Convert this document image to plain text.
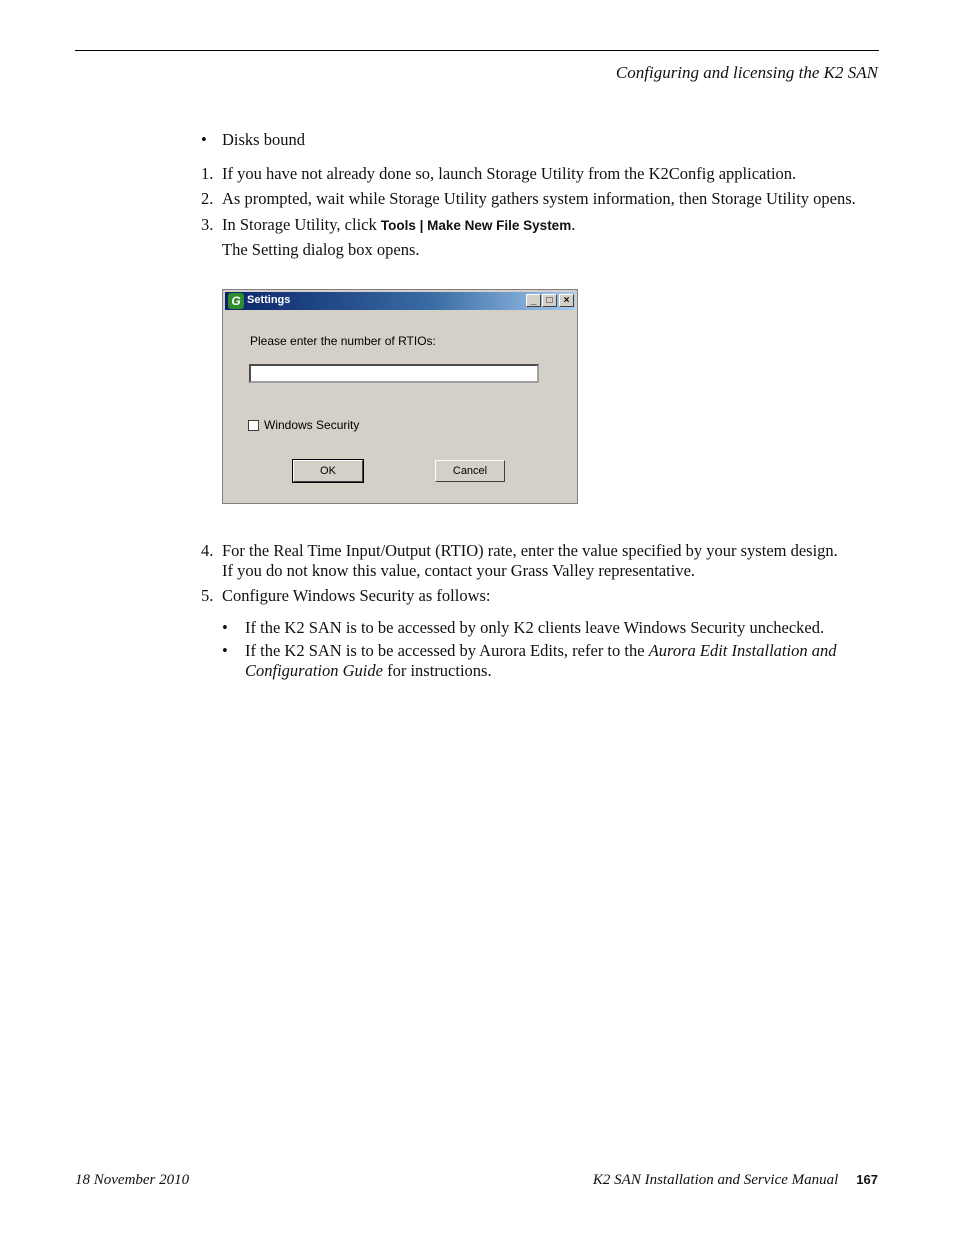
Configuring and licensing the K2 SAN
• Disks bound
1. If you have not already done so, launch Storage Utility from the K2Config application.
2. As prompted, wait while Storage Utility gathers system information, then Storage Utility opens.
3. In Storage Utility, click Tools | Make New File System.
The Setting dialog box opens.
G Settings	_	□	×
Please enter the number of RTIOs:
Windows Security
OK	Cancel
4. For the Real Time Input/Output (RTIO) rate, enter the value specified by your system design.
If you do not know this value, contact your Grass Valley representative.
5. Configure Windows Security as follows:
• If the K2 SAN is to be accessed by only K2 clients leave Windows Security unchecked.
• If the K2 SAN is to be accessed by Aurora Edits, refer to the Aurora Edit Installation and
Configuration Guide for instructions.
18 November 2010	K2 SAN Installation and Service Manual 167
